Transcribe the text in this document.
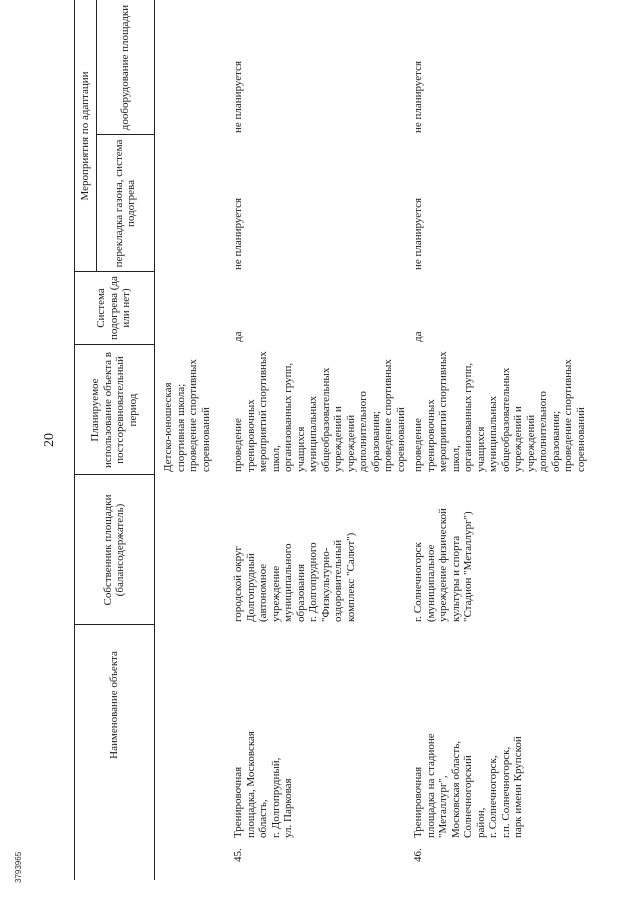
20
Наименование объекта
Собственник площадки (балансодержатель)
Планируемое использование объекта в постсоревновательный период
Система подогрева (да или нет)
Мероприятия по адаптации
перекладка газона, система подогрева
дооборудование площадки
Детско-юношеская
спортивная школа;
проведение спортивных
соревнований
45.
Тренировочная
площадка, Московская
область,
г. Долгопрудный,
ул. Парковая
городской округ
Долгопрудный
(автономное
учреждение
муниципального
образования
г. Долгопрудного
"Физкультурно-
оздоровительный
комплекс "Салют")
проведение тренировочных
мероприятий спортивных
школ,
организованных групп,
учащихся муниципальных
общеобразовательных
учреждений и учреждений
дополнительного
образования;
проведение спортивных
соревнований
да
не планируется
не планируется
46.
Тренировочная
площадка на стадионе
"Металлург",
Московская область,
Солнечногорский
район,
г. Солнечногорск,
г.п. Солнечногорск,
парк имени Крупской
г. Солнечногорск
(муниципальное
учреждение физической
культуры и спорта
"Стадион "Металлург")
проведение тренировочных
мероприятий спортивных
школ,
организованных групп,
учащихся муниципальных
общеобразовательных
учреждений и учреждений
дополнительного
образования;
проведение спортивных
соревнований
да
не планируется
не планируется
3793965
